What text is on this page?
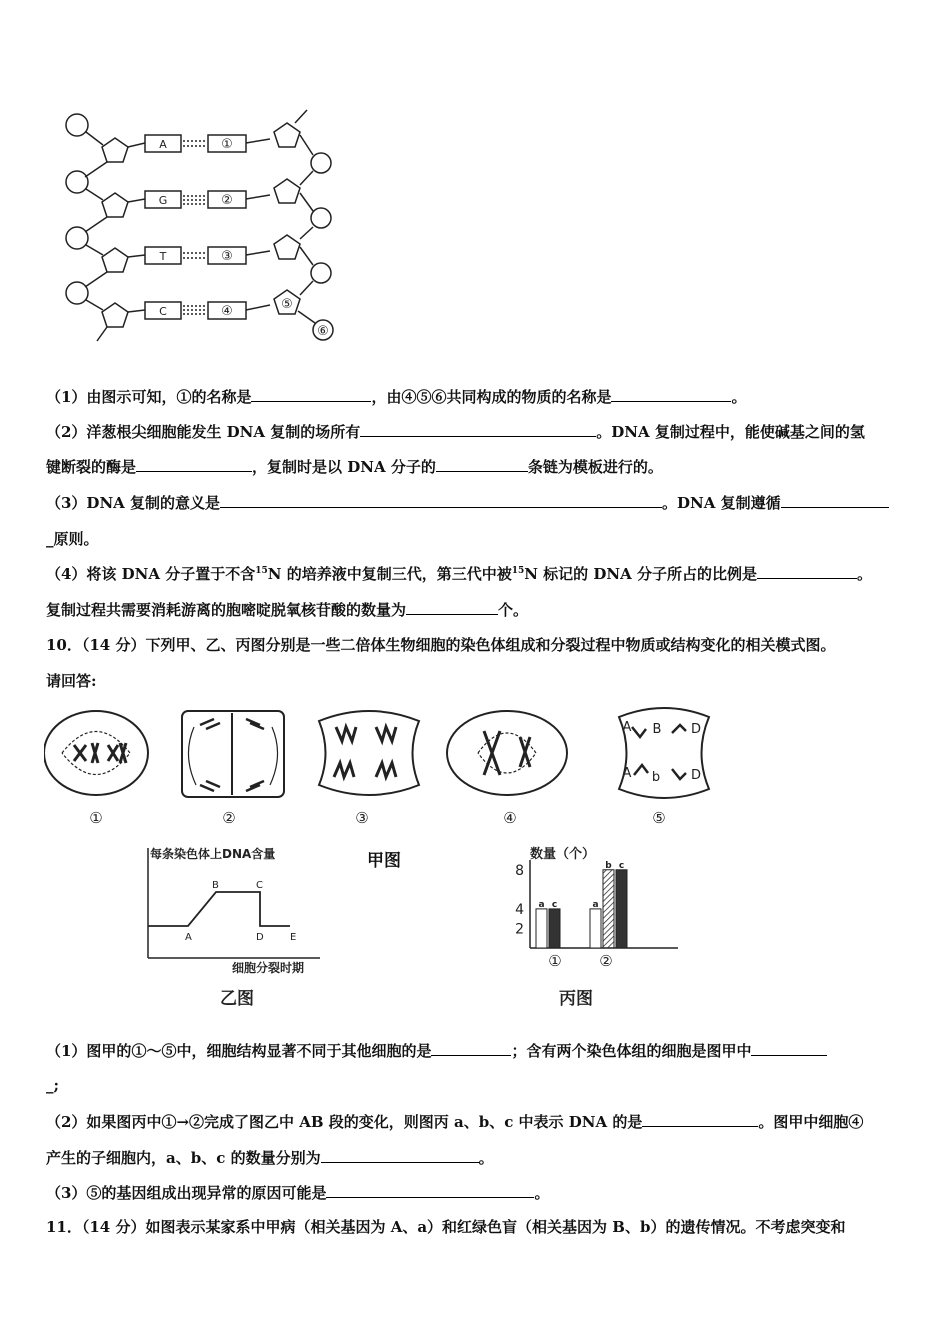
A
G
T
C
①
②
③
④	⑤
⑥
（1）由图示可知，①的名称是	，由④⑤⑥共同构成的物质的名称是	。
（2）洋葱根尖细胞能发生 DNA 复制的场所有	。DNA 复制过程中，能使碱基之间的氢
键断裂的酶是	，复制时是以 DNA 分子的	条链为模板进行的。
（3）DNA 复制的意义是	。DNA 复制遵循
_原则。
（4）将该 DNA 分子置于不含$^{15}$N 的培养液中复制三代，第三代中被$^{15}$N 标记的 DNA 分子所占的比例是	。
复制过程共需要消耗游离的胞嘧啶脱氧核苷酸的数量为	个。
10．（14 分）下列甲、乙、丙图分别是一些二倍体生物细胞的染色体组成和分裂过程中物质或结构变化的相关模式图。
请回答:
A B D
A b D
①	②	③	④	⑤
每条染色体上DNA含量
A
B	C
D	E
细胞分裂时期
乙图
甲图	数量（个）
2
4
8
a c	a
b c
①	②
丙图
（1）图甲的①～⑤中，细胞结构显著不同于其他细胞的是	；含有两个染色体组的细胞是图甲中
_;
（2）如果图丙中①→②完成了图乙中 AB 段的变化，则图丙 a、b、c 中表示 DNA 的是	。图甲中细胞④
产生的子细胞内，a、b、c 的数量分别为	。
（3）⑤的基因组成出现异常的原因可能是	。
11．（14 分）如图表示某家系中甲病（相关基因为 A、a）和红绿色盲（相关基因为 B、b）的遗传情况。不考虑突变和
